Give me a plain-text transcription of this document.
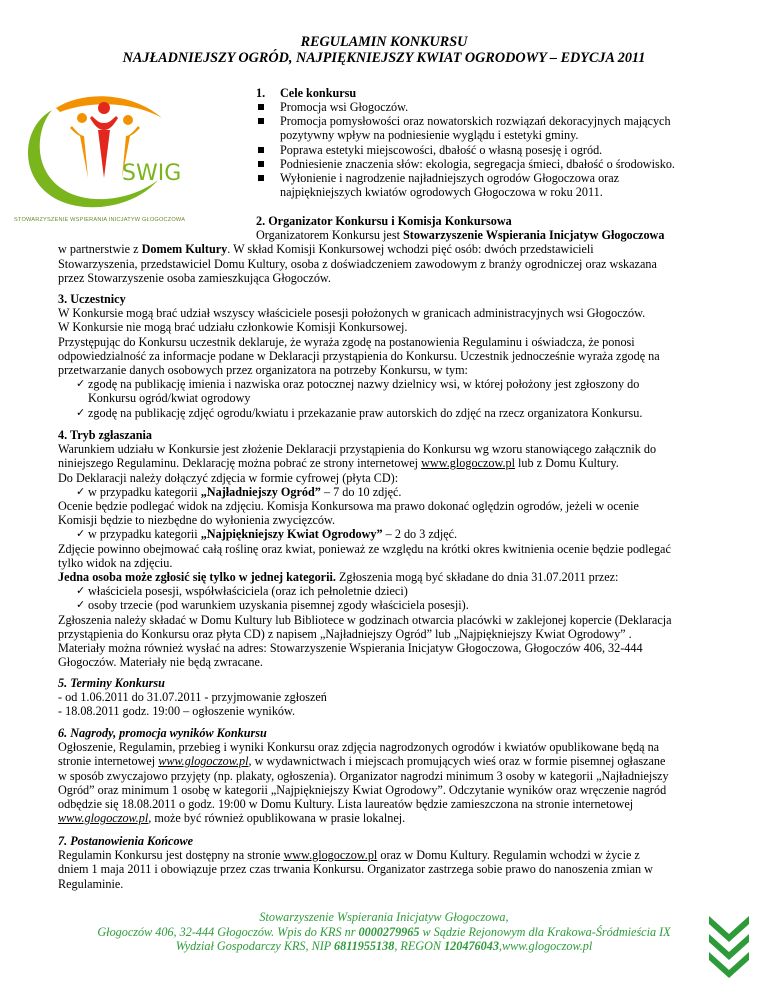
REGULAMIN KONKURSU
NAJŁADNIEJSZY OGRÓD, NAJPIĘKNIEJSZY KWIAT OGRODOWY – EDYCJA 2011
SWIG
STOWARZYSZENIE WSPIERANIA INICJATYW GŁOGOCZOWA
1. Cele konkursu
Promocja wsi Głogoczów.
Promocja pomysłowości oraz nowatorskich rozwiązań dekoracyjnych mających
pozytywny wpływ na podniesienie wyglądu i estetyki gminy.
Poprawa estetyki miejscowości, dbałość o własną posesję i ogród.
Podniesienie znaczenia słów: ekologia, segregacja śmieci, dbałość o środowisko.
Wyłonienie i nagrodzenie najładniejszych ogrodów Głogoczowa oraz
najpiękniejszych kwiatów ogrodowych Głogoczowa w roku 2011.
2. Organizator Konkursu i Komisja Konkursowa
Organizatorem Konkursu jest Stowarzyszenie Wspierania Inicjatyw Głogoczowa
w partnerstwie z Domem Kultury. W skład Komisji Konkursowej wchodzi pięć osób: dwóch przedstawicieli
Stowarzyszenia, przedstawiciel Domu Kultury, osoba z doświadczeniem zawodowym z branży ogrodniczej oraz wskazana
przez Stowarzyszenie osoba zamieszkująca Głogoczów.
3. Uczestnicy
W Konkursie mogą brać udział wszyscy właściciele posesji położonych w granicach administracyjnych wsi Głogoczów.
W Konkursie nie mogą brać udziału członkowie Komisji Konkursowej.
Przystępując do Konkursu uczestnik deklaruje, że wyraża zgodę na postanowienia Regulaminu i oświadcza, że ponosi
odpowiedzialność za informacje podane w Deklaracji przystąpienia do Konkursu. Uczestnik jednocześnie wyraża zgodę na
przetwarzanie danych osobowych przez organizatora na potrzeby Konkursu, w tym:
✓ zgodę na publikację imienia i nazwiska oraz potocznej nazwy dzielnicy wsi, w której położony jest zgłoszony do
Konkursu ogród/kwiat ogrodowy
✓ zgodę na publikację zdjęć ogrodu/kwiatu i przekazanie praw autorskich do zdjęć na rzecz organizatora Konkursu.
4. Tryb zgłaszania
Warunkiem udziału w Konkursie jest złożenie Deklaracji przystąpienia do Konkursu wg wzoru stanowiącego załącznik do
niniejszego Regulaminu. Deklarację można pobrać ze strony internetowej www.glogoczow.pl lub z Domu Kultury.
Do Deklaracji należy dołączyć zdjęcia w formie cyfrowej (płyta CD):
✓ w przypadku kategorii „Najładniejszy Ogród” – 7 do 10 zdjęć.
Ocenie będzie podlegać widok na zdjęciu. Komisja Konkursowa ma prawo dokonać oględzin ogrodów, jeżeli w ocenie
Komisji będzie to niezbędne do wyłonienia zwycięzców.
✓ w przypadku kategorii „Najpiękniejszy Kwiat Ogrodowy” – 2 do 3 zdjęć.
Zdjęcie powinno obejmować całą roślinę oraz kwiat, ponieważ ze względu na krótki okres kwitnienia ocenie będzie podlegać
tylko widok na zdjęciu.
Jedna osoba może zgłosić się tylko w jednej kategorii. Zgłoszenia mogą być składane do dnia 31.07.2011 przez:
✓ właściciela posesji, współwłaściciela (oraz ich pełnoletnie dzieci)
✓ osoby trzecie (pod warunkiem uzyskania pisemnej zgody właściciela posesji).
Zgłoszenia należy składać w Domu Kultury lub Bibliotece w godzinach otwarcia placówki w zaklejonej kopercie (Deklaracja
przystąpienia do Konkursu oraz płyta CD) z napisem „Najładniejszy Ogród” lub „Najpiękniejszy Kwiat Ogrodowy” .
Materiały można również wysłać na adres: Stowarzyszenie Wspierania Inicjatyw Głogoczowa, Głogoczów 406, 32-444
Głogoczów. Materiały nie będą zwracane.
5. Terminy Konkursu
- od 1.06.2011 do 31.07.2011 - przyjmowanie zgłoszeń
- 18.08.2011 godz. 19:00 – ogłoszenie wyników.
6. Nagrody, promocja wyników Konkursu
Ogłoszenie, Regulamin, przebieg i wyniki Konkursu oraz zdjęcia nagrodzonych ogrodów i kwiatów opublikowane będą na
stronie internetowej www.glogoczow.pl, w wydawnictwach i miejscach promujących wieś oraz w formie pisemnej ogłaszane
w sposób zwyczajowo przyjęty (np. plakaty, ogłoszenia). Organizator nagrodzi minimum 3 osoby w kategorii „Najładniejszy
Ogród” oraz minimum 1 osobę w kategorii „Najpiękniejszy Kwiat Ogrodowy”. Odczytanie wyników oraz wręczenie nagród
odbędzie się 18.08.2011 o godz. 19:00 w Domu Kultury. Lista laureatów będzie zamieszczona na stronie internetowej
www.glogoczow.pl, może być również opublikowana w prasie lokalnej.
7. Postanowienia Końcowe
Regulamin Konkursu jest dostępny na stronie www.glogoczow.pl oraz w Domu Kultury. Regulamin wchodzi w życie z
dniem 1 maja 2011 i obowiązuje przez czas trwania Konkursu. Organizator zastrzega sobie prawo do nanoszenia zmian w
Regulaminie.
Stowarzyszenie Wspierania Inicjatyw Głogoczowa,
Głogoczów 406, 32-444 Głogoczów. Wpis do KRS nr 0000279965 w Sądzie Rejonowym dla Krakowa-Śródmieścia IX
Wydział Gospodarczy KRS, NIP 6811955138, REGON 120476043,www.glogoczow.pl
